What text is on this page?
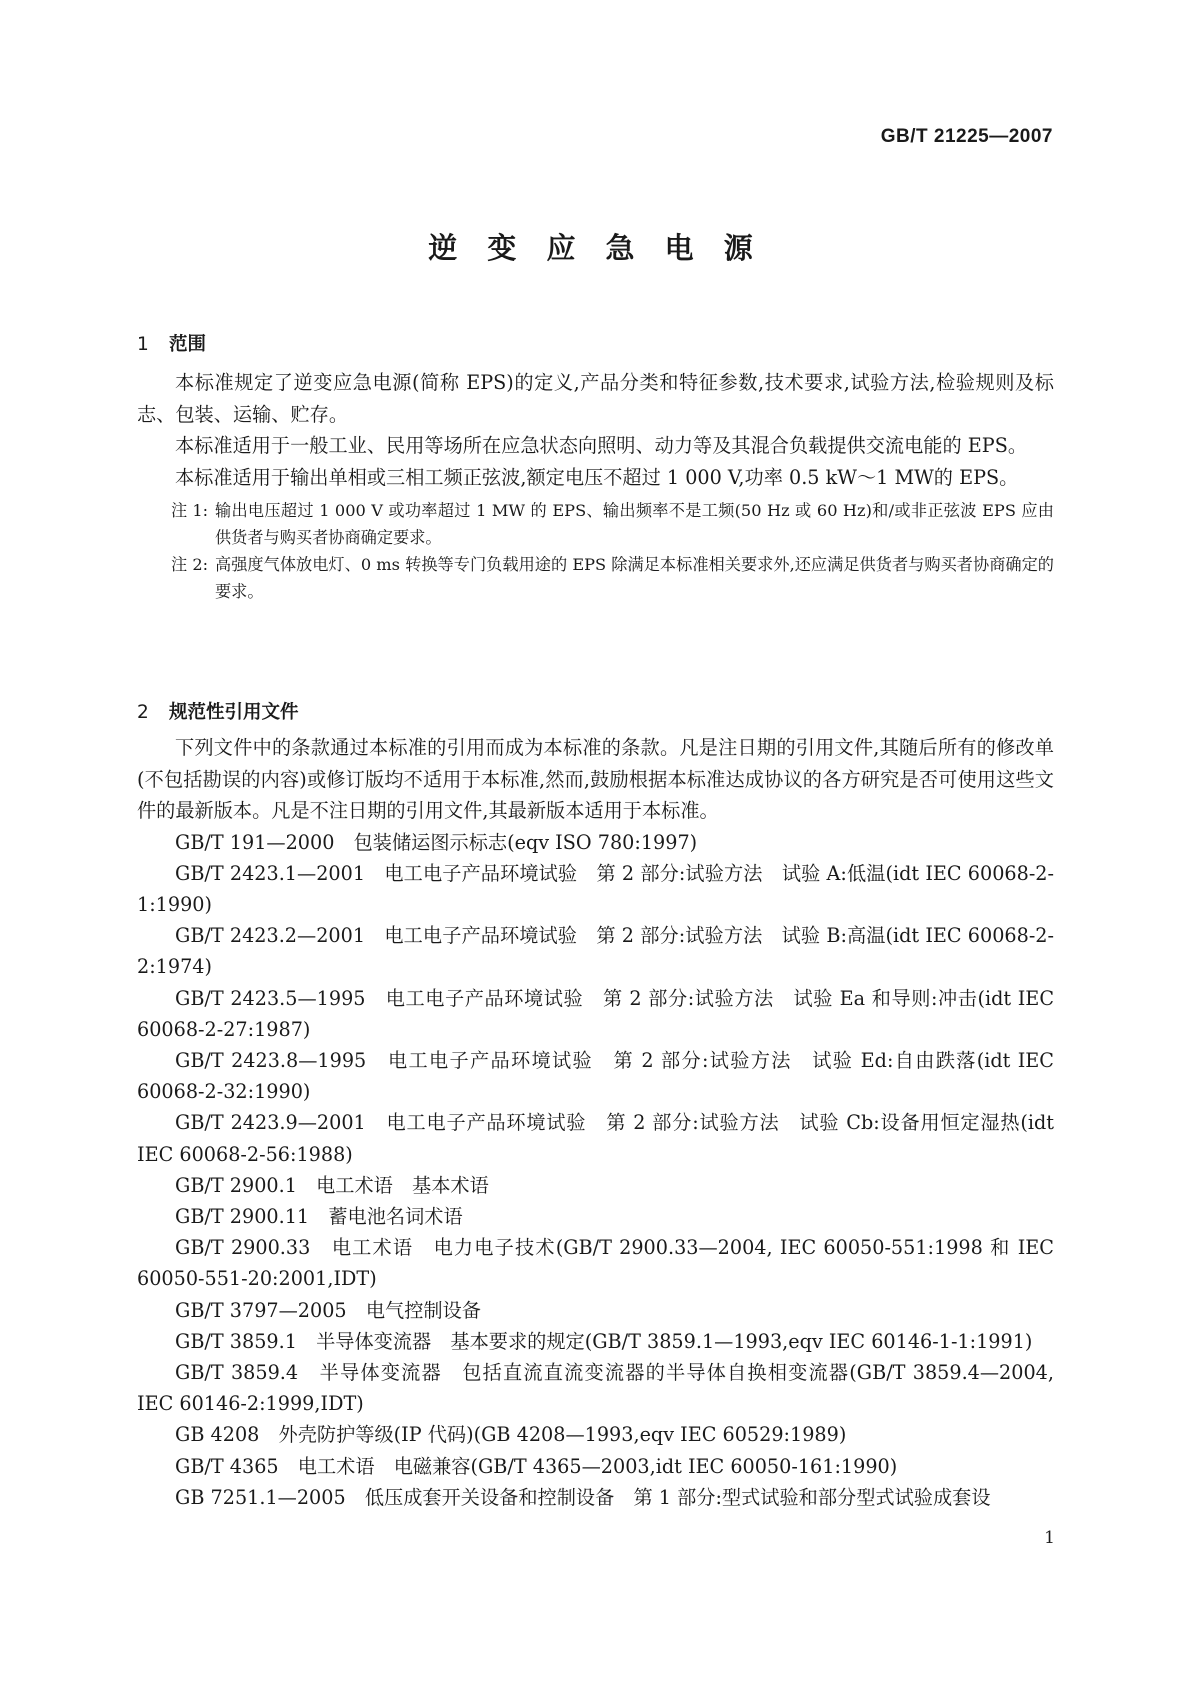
GB/T 21225—2007
逆 变 应 急 电 源
1 范围

本标准规定了逆变应急电源(简称 EPS)的定义,产品分类和特征参数,技术要求,试验方法,检验规则及标志、包装、运输、贮存。

本标准适用于一般工业、民用等场所在应急状态向照明、动力等及其混合负载提供交流电能的 EPS。

本标准适用于输出单相或三相工频正弦波,额定电压不超过 1 000 V,功率 0.5 kW～1 MW的 EPS。

注 1: 输出电压超过 1 000 V 或功率超过 1 MW 的 EPS、输出频率不是工频(50 Hz 或 60 Hz)和/或非正弦波 EPS 应由供货者与购买者协商确定要求。
注 2: 高强度气体放电灯、0 ms 转换等专门负载用途的 EPS 除满足本标准相关要求外,还应满足供货者与购买者协商确定的要求。
2 规范性引用文件

下列文件中的条款通过本标准的引用而成为本标准的条款。凡是注日期的引用文件,其随后所有的修改单(不包括勘误的内容)或修订版均不适用于本标准,然而,鼓励根据本标准达成协议的各方研究是否可使用这些文件的最新版本。凡是不注日期的引用文件,其最新版本适用于本标准。

GB/T 191—2000　包装储运图示标志(eqv ISO 780:1997)

GB/T 2423.1—2001　电工电子产品环境试验　第 2 部分:试验方法　试验 A:低温(idt IEC 60068-2-1:1990)

GB/T 2423.2—2001　电工电子产品环境试验　第 2 部分:试验方法　试验 B:高温(idt IEC 60068-2-2:1974)

GB/T 2423.5—1995　电工电子产品环境试验　第 2 部分:试验方法　试验 Ea 和导则:冲击(idt IEC 60068-2-27:1987)

GB/T 2423.8—1995　电工电子产品环境试验　第 2 部分:试验方法　试验 Ed:自由跌落(idt IEC 60068-2-32:1990)

GB/T 2423.9—2001　电工电子产品环境试验　第 2 部分:试验方法　试验 Cb:设备用恒定湿热(idt IEC 60068-2-56:1988)

GB/T 2900.1　电工术语　基本术语

GB/T 2900.11　蓄电池名词术语

GB/T 2900.33　电工术语　电力电子技术(GB/T 2900.33—2004, IEC 60050-551:1998 和 IEC 60050-551-20:2001,IDT)

GB/T 3797—2005　电气控制设备

GB/T 3859.1　半导体变流器　基本要求的规定(GB/T 3859.1—1993,eqv IEC 60146-1-1:1991)

GB/T 3859.4　半导体变流器　包括直流直流变流器的半导体自换相变流器(GB/T 3859.4—2004, IEC 60146-2:1999,IDT)

GB 4208　外壳防护等级(IP 代码)(GB 4208—1993,eqv IEC 60529:1989)

GB/T 4365　电工术语　电磁兼容(GB/T 4365—2003,idt IEC 60050-161:1990)

GB 7251.1—2005　低压成套开关设备和控制设备　第 1 部分:型式试验和部分型式试验成套设

1
